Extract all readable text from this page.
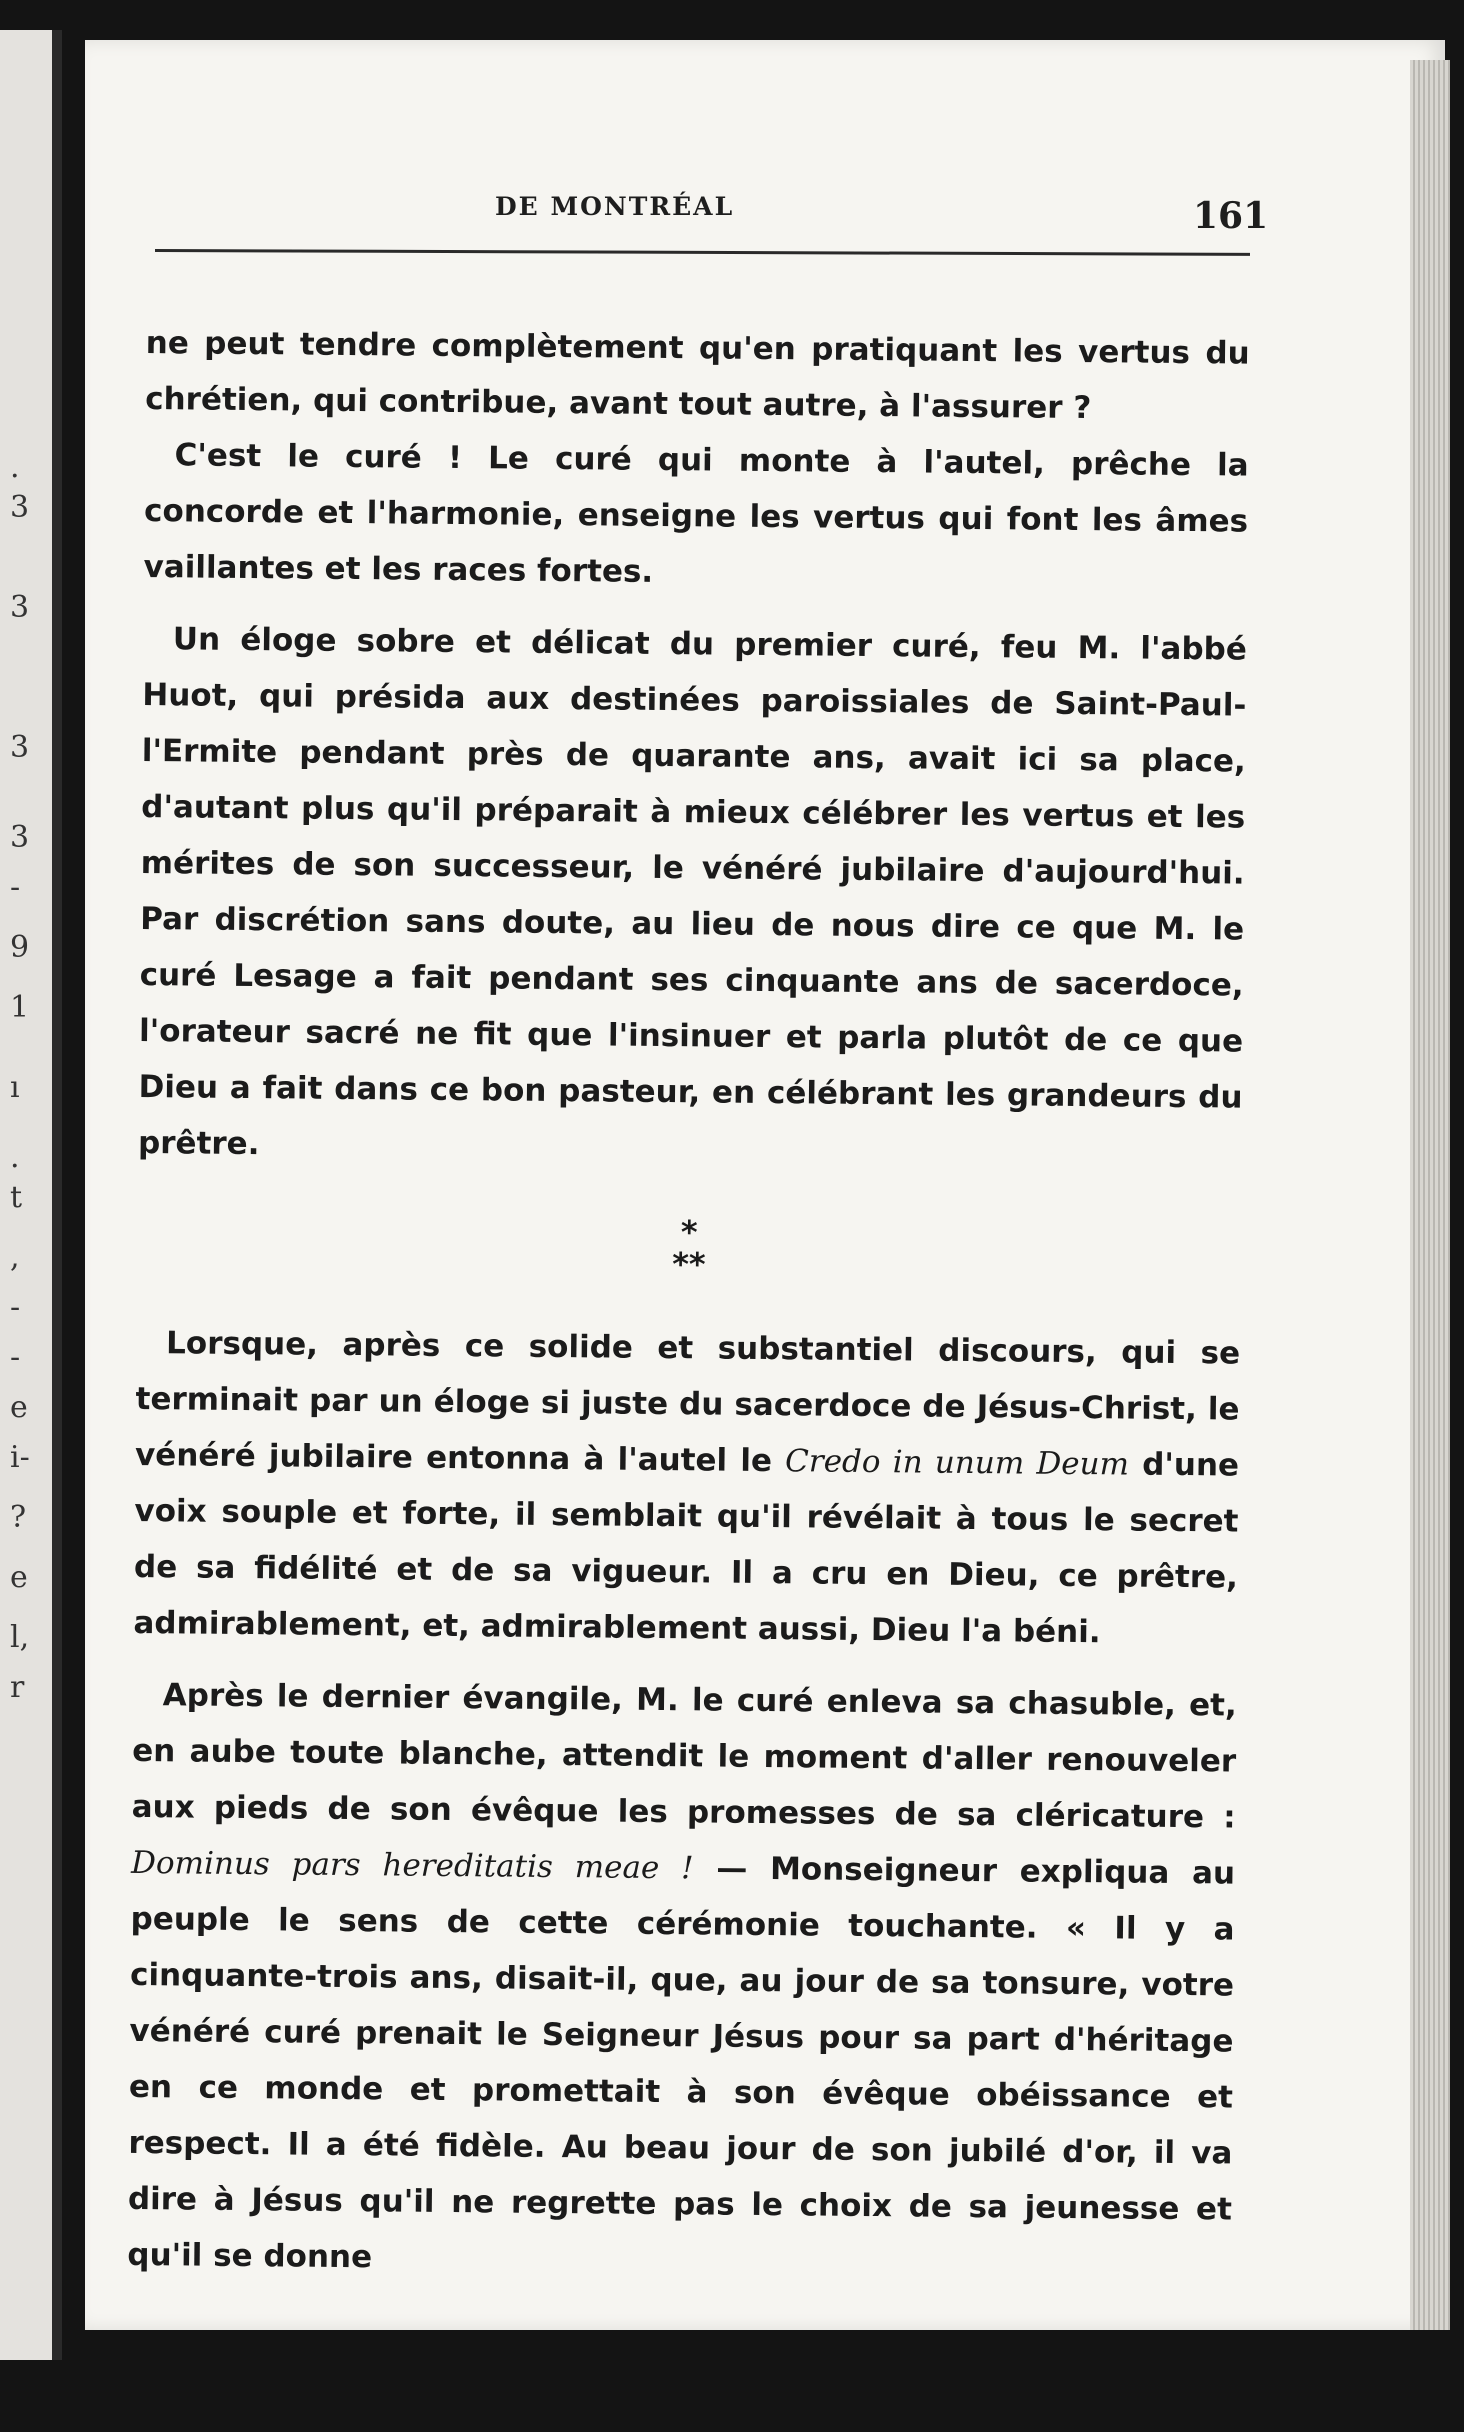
.
3
3
3
3
-
9
1
ı
.
t
,
-
-
e
i-
?
e
l,
r
DE MONTRÉAL	161

ne peut tendre complètement qu'en pratiquant les vertus du chrétien, qui contribue, avant tout autre, à l'assurer ?

C'est le curé ! Le curé qui monte à l'autel, prêche la concorde et l'harmonie, enseigne les vertus qui font les âmes vaillantes et les races fortes.

Un éloge sobre et délicat du premier curé, feu M. l'abbé Huot, qui présida aux destinées paroissiales de Saint-Paul-l'Ermite pendant près de quarante ans, avait ici sa place, d'autant plus qu'il préparait à mieux célébrer les vertus et les mérites de son successeur, le vénéré jubilaire d'aujourd'hui. Par discrétion sans doute, au lieu de nous dire ce que M. le curé Lesage a fait pendant ses cinquante ans de sacerdoce, l'orateur sacré ne fit que l'insinuer et parla plutôt de ce que Dieu a fait dans ce bon pasteur, en célébrant les grandeurs du prêtre.

*
**

Lorsque, après ce solide et substantiel discours, qui se terminait par un éloge si juste du sacerdoce de Jésus-Christ, le vénéré jubilaire entonna à l'autel le Credo in unum Deum d'une voix souple et forte, il semblait qu'il révélait à tous le secret de sa fidélité et de sa vigueur. Il a cru en Dieu, ce prêtre, admirablement, et, admirablement aussi, Dieu l'a béni.

Après le dernier évangile, M. le curé enleva sa chasuble, et, en aube toute blanche, attendit le moment d'aller renouveler aux pieds de son évêque les promesses de sa cléricature : Dominus pars hereditatis meae ! — Monseigneur expliqua au peuple le sens de cette cérémonie touchante. « Il y a cinquante-trois ans, disait-il, que, au jour de sa tonsure, votre vénéré curé prenait le Seigneur Jésus pour sa part d'héritage en ce monde et promettait à son évêque obéissance et respect. Il a été fidèle. Au beau jour de son jubilé d'or, il va dire à Jésus qu'il ne regrette pas le choix de sa jeunesse et qu'il se donne
